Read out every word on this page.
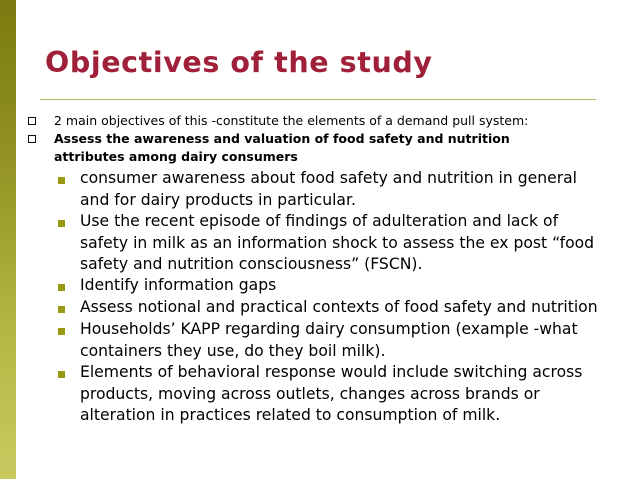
Objectives of the study
2 main objectives of this -constitute the elements of a demand pull system:
Assess the awareness and valuation of food safety and nutrition
attributes among dairy consumers
consumer awareness about food safety and nutrition in general
and for dairy products in particular.
Use the recent episode of findings of adulteration and lack of
safety in milk as an information shock to assess the ex post “food
safety and nutrition consciousness” (FSCN).
Identify information gaps
Assess notional and practical contexts of food safety and nutrition
Households’ KAPP regarding dairy consumption (example -what
containers they use, do they boil milk).
Elements of behavioral response would include switching across
products, moving across outlets, changes across brands or
alteration in practices related to consumption of milk.
